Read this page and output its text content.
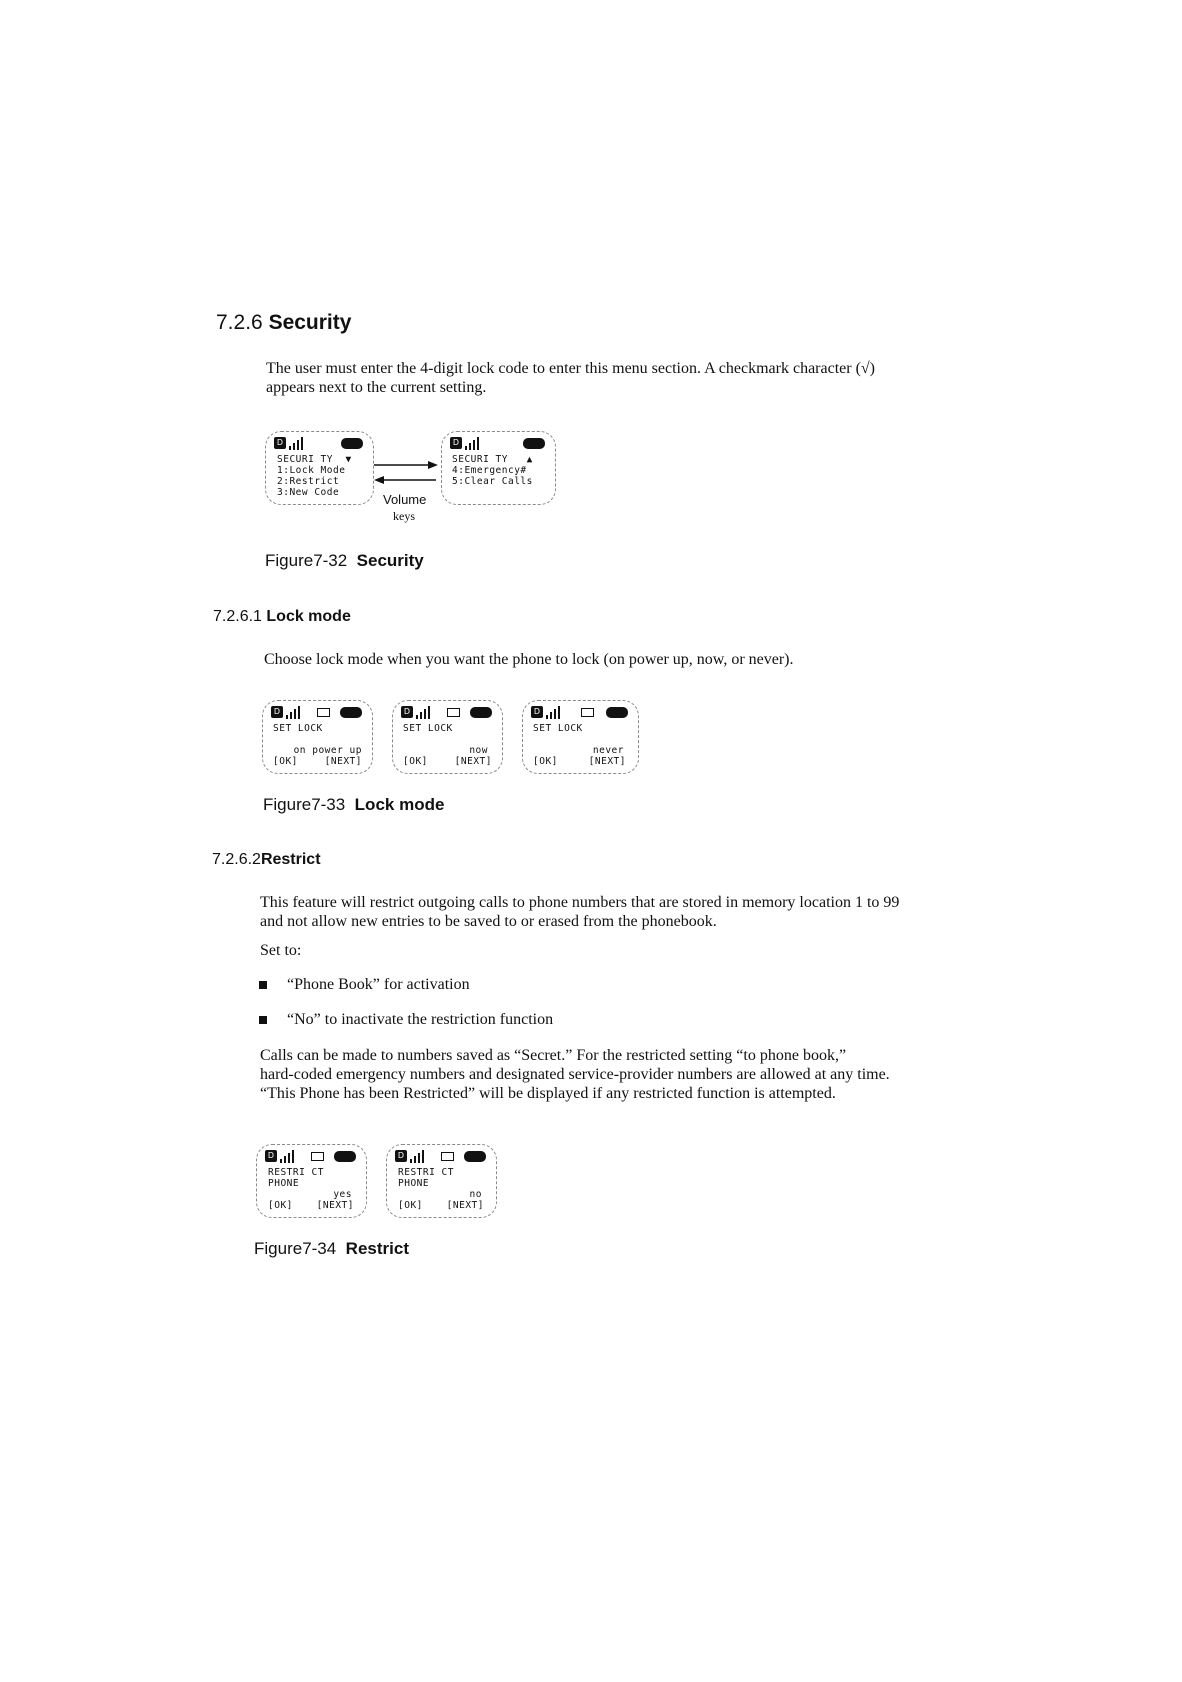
7.2.6 Security
The user must enter the 4-digit lock code to enter this menu section. A checkmark character (√)
appears next to the current setting.
D
SECURI TY ▼
1:Lock Mode
2:Restrict
3:New Code	Volume
keys
D
SECURI TY ▲
4:Emergency#
5:Clear Calls
Figure7-32 Security
7.2.6.1 Lock mode
Choose lock mode when you want the phone to lock (on power up, now, or never).
D
SET LOCK
on power up
[OK]	[NEXT]
D
SET LOCK
now
[OK]	[NEXT]
D
SET LOCK
never
[OK]	[NEXT]
Figure7-33 Lock mode
7.2.6.2Restrict
This feature will restrict outgoing calls to phone numbers that are stored in memory location 1 to 99
and not allow new entries to be saved to or erased from the phonebook.
Set to:
“Phone Book” for activation
“No” to inactivate the restriction function
Calls can be made to numbers saved as “Secret.” For the restricted setting “to phone book,”
hard-coded emergency numbers and designated service-provider numbers are allowed at any time.
“This Phone has been Restricted” will be displayed if any restricted function is attempted.
D
RESTRI CT
PHONE
yes
[OK]	[NEXT]
D
RESTRI CT
PHONE
no
[OK]	[NEXT]
Figure7-34 Restrict
